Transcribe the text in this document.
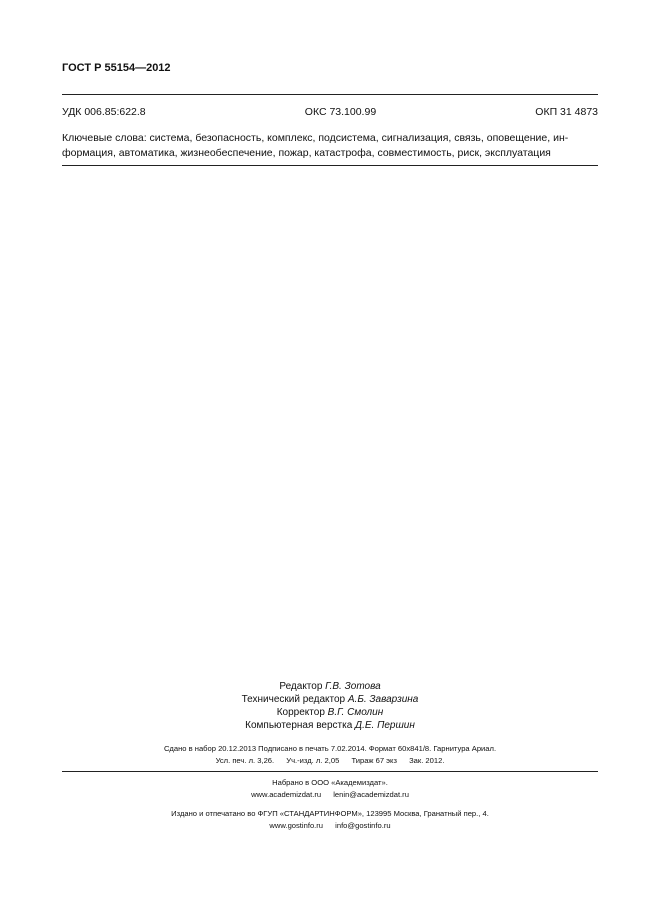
ГОСТ Р 55154—2012
УДК 006.85:622.8	ОКС 73.100.99	ОКП 31 4873
Ключевые слова: система, безопасность, комплекс, подсистема, сигнализация, связь, оповещение, ин-
формация, автоматика, жизнеобеспечение, пожар, катастрофа, совместимость, риск, эксплуатация
Редактор Г.В. Зотова
Технический редактор А.Б. Заварзина
Корректор В.Г. Смолин
Компьютерная верстка Д.Е. Першин
Сдано в набор 20.12.2013 Подписано в печать 7.02.2014. Формат 60x841/8. Гарнитура Ариал.
Усл. печ. л. 3,26. Уч.-изд. л. 2,05 Тираж 67 экз Зак. 2012.
Набрано в ООО «Академиздат».
www.academizdat.ru lenin@academizdat.ru
Издано и отпечатано во ФГУП «СТАНДАРТИНФОРМ», 123995 Москва, Гранатный пер., 4.
www.gostinfo.ru info@gostinfo.ru
